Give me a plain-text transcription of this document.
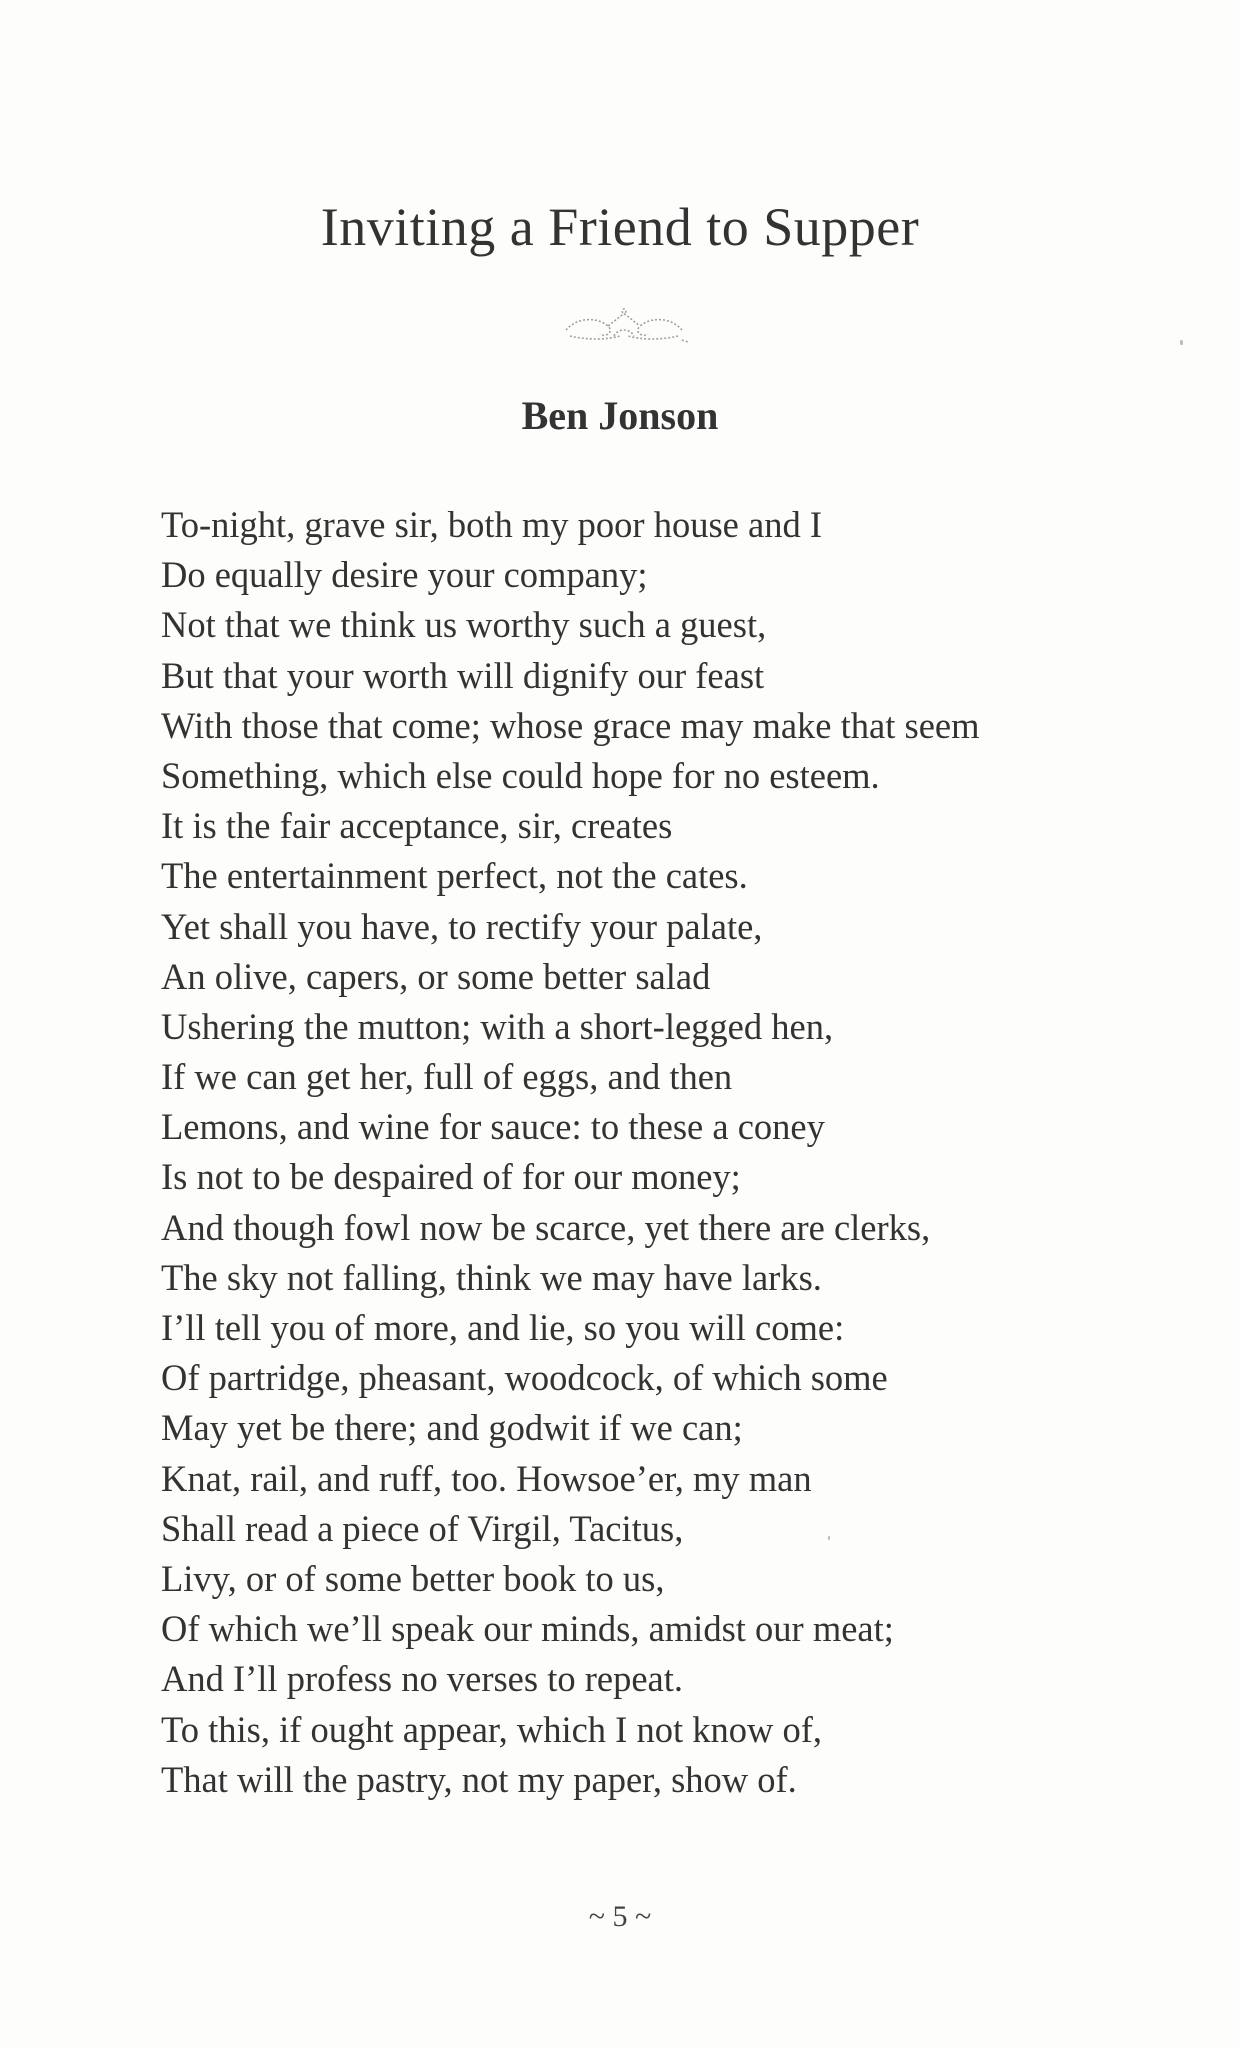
Inviting a Friend to Supper
Ben Jonson
To-night, grave sir, both my poor house and I
Do equally desire your company;
Not that we think us worthy such a guest,
But that your worth will dignify our feast
With those that come; whose grace may make that seem
Something, which else could hope for no esteem.
It is the fair acceptance, sir, creates
The entertainment perfect, not the cates.
Yet shall you have, to rectify your palate,
An olive, capers, or some better salad
Ushering the mutton; with a short-legged hen,
If we can get her, full of eggs, and then
Lemons, and wine for sauce: to these a coney
Is not to be despaired of for our money;
And though fowl now be scarce, yet there are clerks,
The sky not falling, think we may have larks.
I’ll tell you of more, and lie, so you will come:
Of partridge, pheasant, woodcock, of which some
May yet be there; and godwit if we can;
Knat, rail, and ruff, too. Howsoe’er, my man
Shall read a piece of Virgil, Tacitus,
Livy, or of some better book to us,
Of which we’ll speak our minds, amidst our meat;
And I’ll profess no verses to repeat.
To this, if ought appear, which I not know of,
That will the pastry, not my paper, show of.
~ 5 ~
